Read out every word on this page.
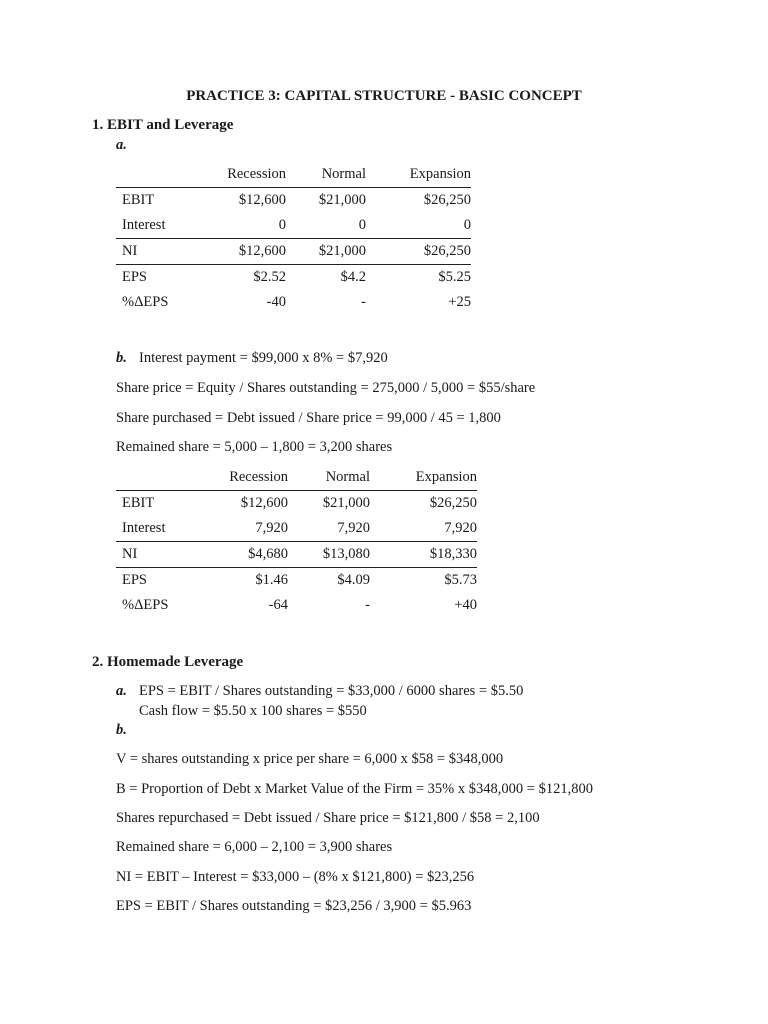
PRACTICE 3: CAPITAL STRUCTURE - BASIC CONCEPT
1. EBIT and Leverage
a.
	Recession	Normal	Expansion
EBIT	$12,600	$21,000	$26,250
Interest	0	0	0
NI	$12,600	$21,000	$26,250
EPS	$2.52	$4.2	$5.25
%ΔEPS	-40	-	+25
b. Interest payment = $99,000 x 8% = $7,920
Share price = Equity / Shares outstanding = 275,000 / 5,000 = $55/share
Share purchased = Debt issued / Share price = 99,000 / 45 = 1,800
Remained share = 5,000 – 1,800 = 3,200 shares
	Recession	Normal	Expansion
EBIT	$12,600	$21,000	$26,250
Interest	7,920	7,920	7,920
NI	$4,680	$13,080	$18,330
EPS	$1.46	$4.09	$5.73
%ΔEPS	-64	-	+40
2. Homemade Leverage
a. EPS = EBIT / Shares outstanding = $33,000 / 6000 shares = $5.50
Cash flow = $5.50 x 100 shares = $550
b.
V = shares outstanding x price per share = 6,000 x $58 = $348,000
B = Proportion of Debt x Market Value of the Firm = 35% x $348,000 = $121,800
Shares repurchased = Debt issued / Share price = $121,800 / $58 = 2,100
Remained share = 6,000 – 2,100 = 3,900 shares
NI = EBIT – Interest = $33,000 – (8% x $121,800) = $23,256
EPS = EBIT / Shares outstanding = $23,256 / 3,900 = $5.963
